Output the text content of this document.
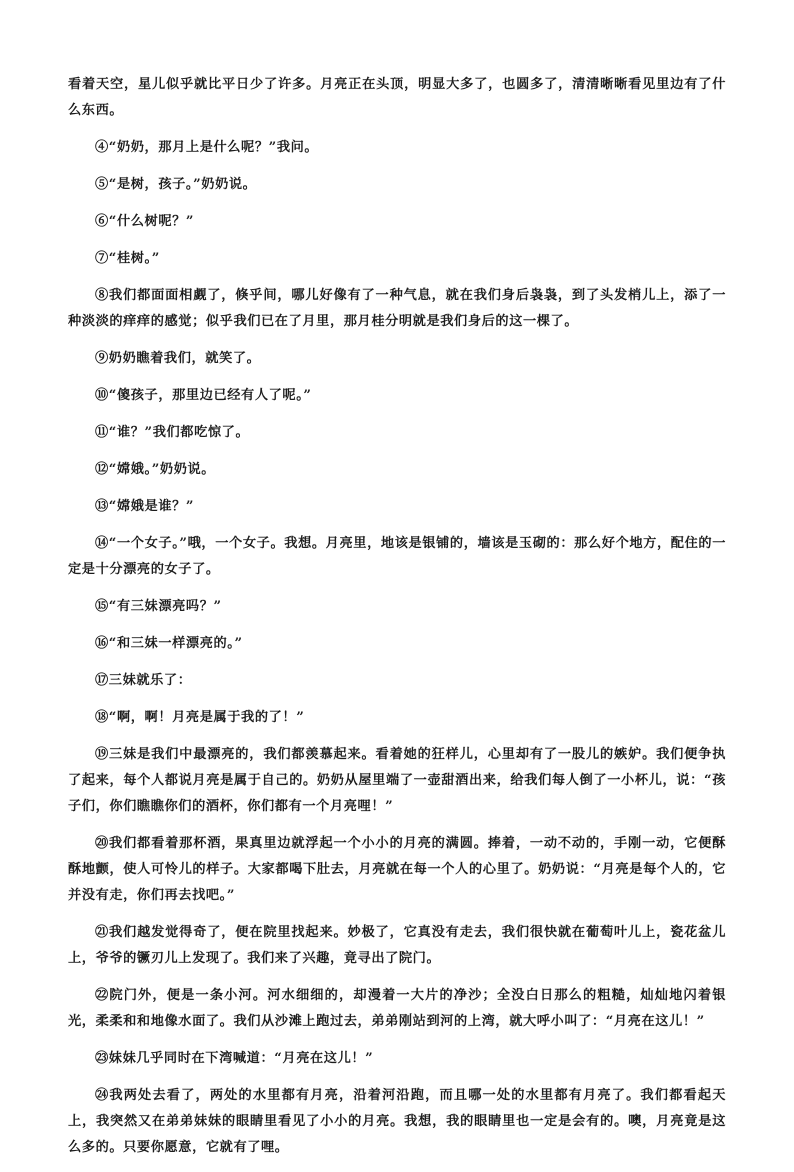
看着天空，星儿似乎就比平日少了许多。月亮正在头顶，明显大多了，也圆多了，清清晰晰看见里边有了什么东西。

④“奶奶，那月上是什么呢？”我问。

⑤“是树，孩子。”奶奶说。

⑥“什么树呢？”

⑦“桂树。”

⑧我们都面面相觑了，倏乎间，哪儿好像有了一种气息，就在我们身后袅袅，到了头发梢儿上，添了一种淡淡的痒痒的感觉；似乎我们已在了月里，那月桂分明就是我们身后的这一棵了。

⑨奶奶瞧着我们，就笑了。

⑩“傻孩子，那里边已经有人了呢。”

⑪“谁？”我们都吃惊了。

⑫“嫦娥。”奶奶说。

⑬“嫦娥是谁？”

⑭“一个女子。”哦，一个女子。我想。月亮里，地该是银铺的，墙该是玉砌的：那么好个地方，配住的一定是十分漂亮的女子了。

⑮“有三妹漂亮吗？”

⑯“和三妹一样漂亮的。”

⑰三妹就乐了：

⑱“啊，啊！月亮是属于我的了！”

⑲三妹是我们中最漂亮的，我们都羡慕起来。看着她的狂样儿，心里却有了一股儿的嫉妒。我们便争执了起来，每个人都说月亮是属于自己的。奶奶从屋里端了一壶甜酒出来，给我们每人倒了一小杯儿，说：“孩子们，你们瞧瞧你们的酒杯，你们都有一个月亮哩！”

⑳我们都看着那杯酒，果真里边就浮起一个小小的月亮的满圆。捧着，一动不动的，手刚一动，它便酥酥地颤，使人可怜儿的样子。大家都喝下肚去，月亮就在每一个人的心里了。奶奶说：“月亮是每个人的，它并没有走，你们再去找吧。”

㉑我们越发觉得奇了，便在院里找起来。妙极了，它真没有走去，我们很快就在葡萄叶儿上，瓷花盆儿上，爷爷的镢刃儿上发现了。我们来了兴趣，竟寻出了院门。

㉒院门外，便是一条小河。河水细细的，却漫着一大片的净沙；全没白日那么的粗糙，灿灿地闪着银光，柔柔和和地像水面了。我们从沙滩上跑过去，弟弟刚站到河的上湾，就大呼小叫了：“月亮在这儿！”

㉓妹妹几乎同时在下湾喊道：“月亮在这儿！”

㉔我两处去看了，两处的水里都有月亮，沿着河沿跑，而且哪一处的水里都有月亮了。我们都看起天上，我突然又在弟弟妹妹的眼睛里看见了小小的月亮。我想，我的眼睛里也一定是会有的。噢，月亮竟是这么多的。只要你愿意，它就有了哩。
